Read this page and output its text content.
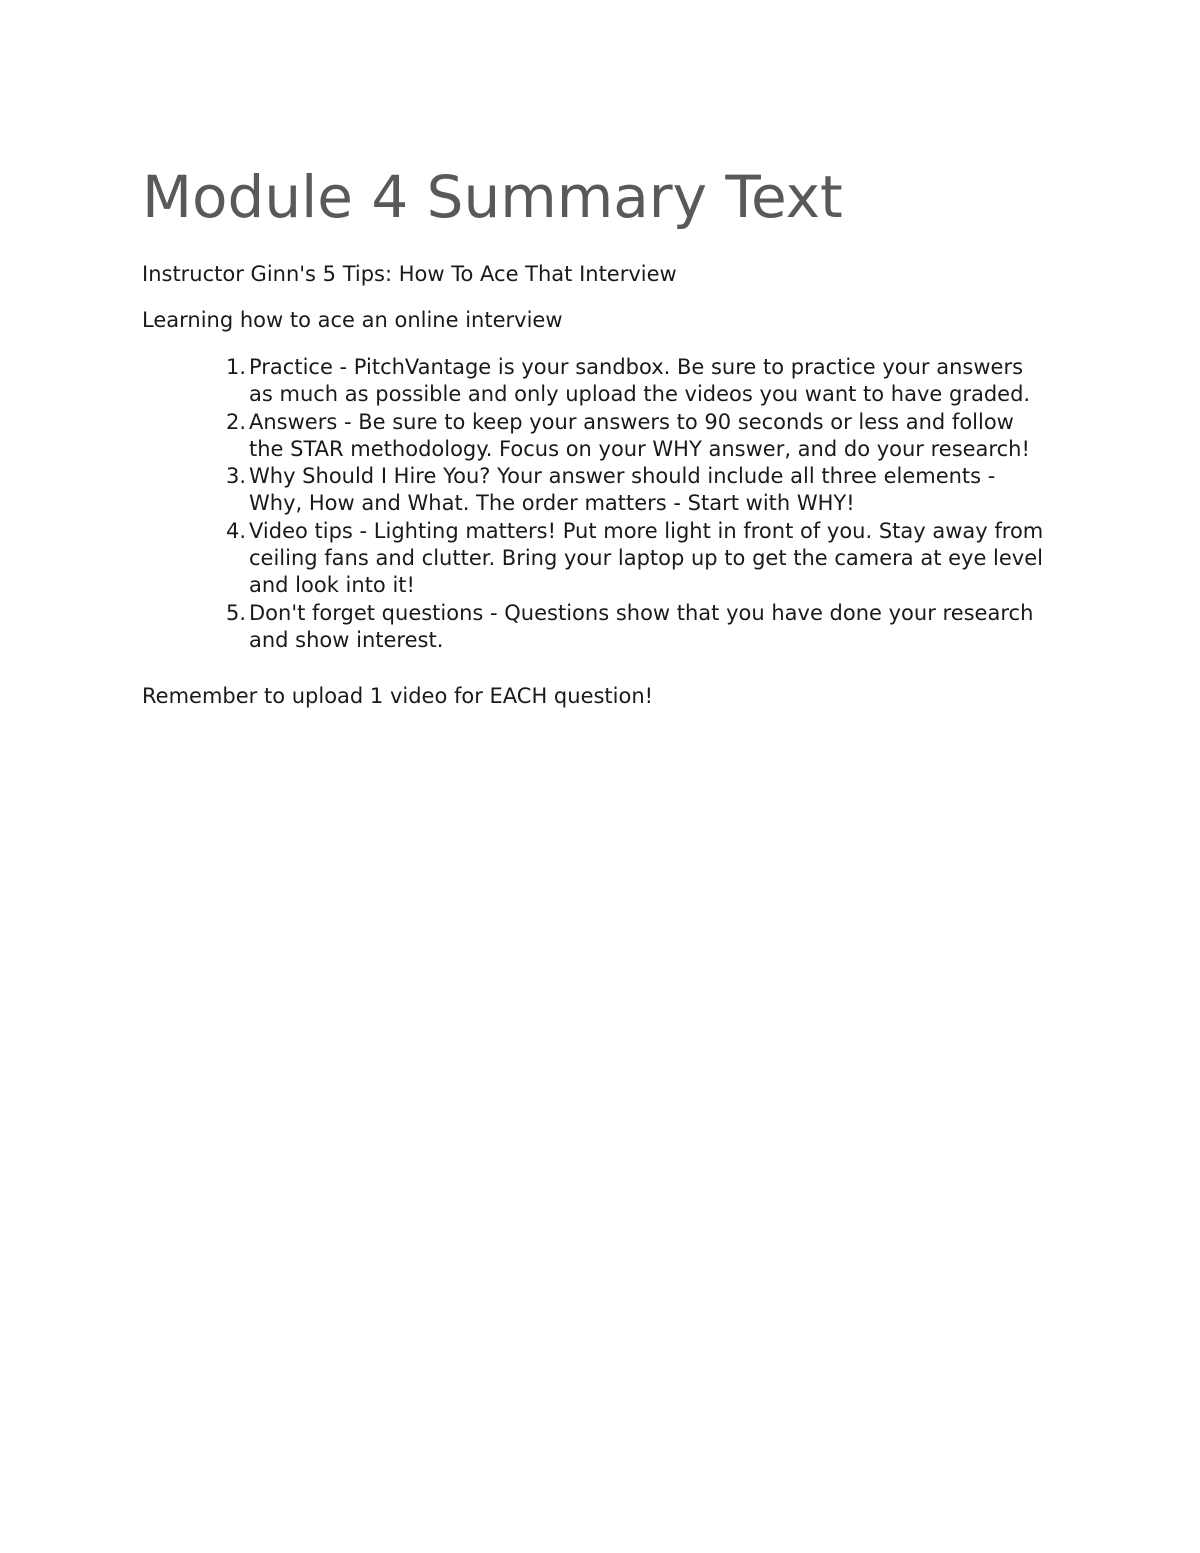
Module 4 Summary Text

Instructor Ginn's 5 Tips: How To Ace That Interview

Learning how to ace an online interview

1. Practice - PitchVantage is your sandbox. Be sure to practice your answers as much as possible and only upload the videos you want to have graded.
2. Answers - Be sure to keep your answers to 90 seconds or less and follow the STAR methodology. Focus on your WHY answer, and do your research!
3. Why Should I Hire You? Your answer should include all three elements - Why, How and What. The order matters - Start with WHY!
4. Video tips - Lighting matters! Put more light in front of you. Stay away from ceiling fans and clutter. Bring your laptop up to get the camera at eye level and look into it!
5. Don't forget questions - Questions show that you have done your research and show interest.

Remember to upload 1 video for EACH question!
